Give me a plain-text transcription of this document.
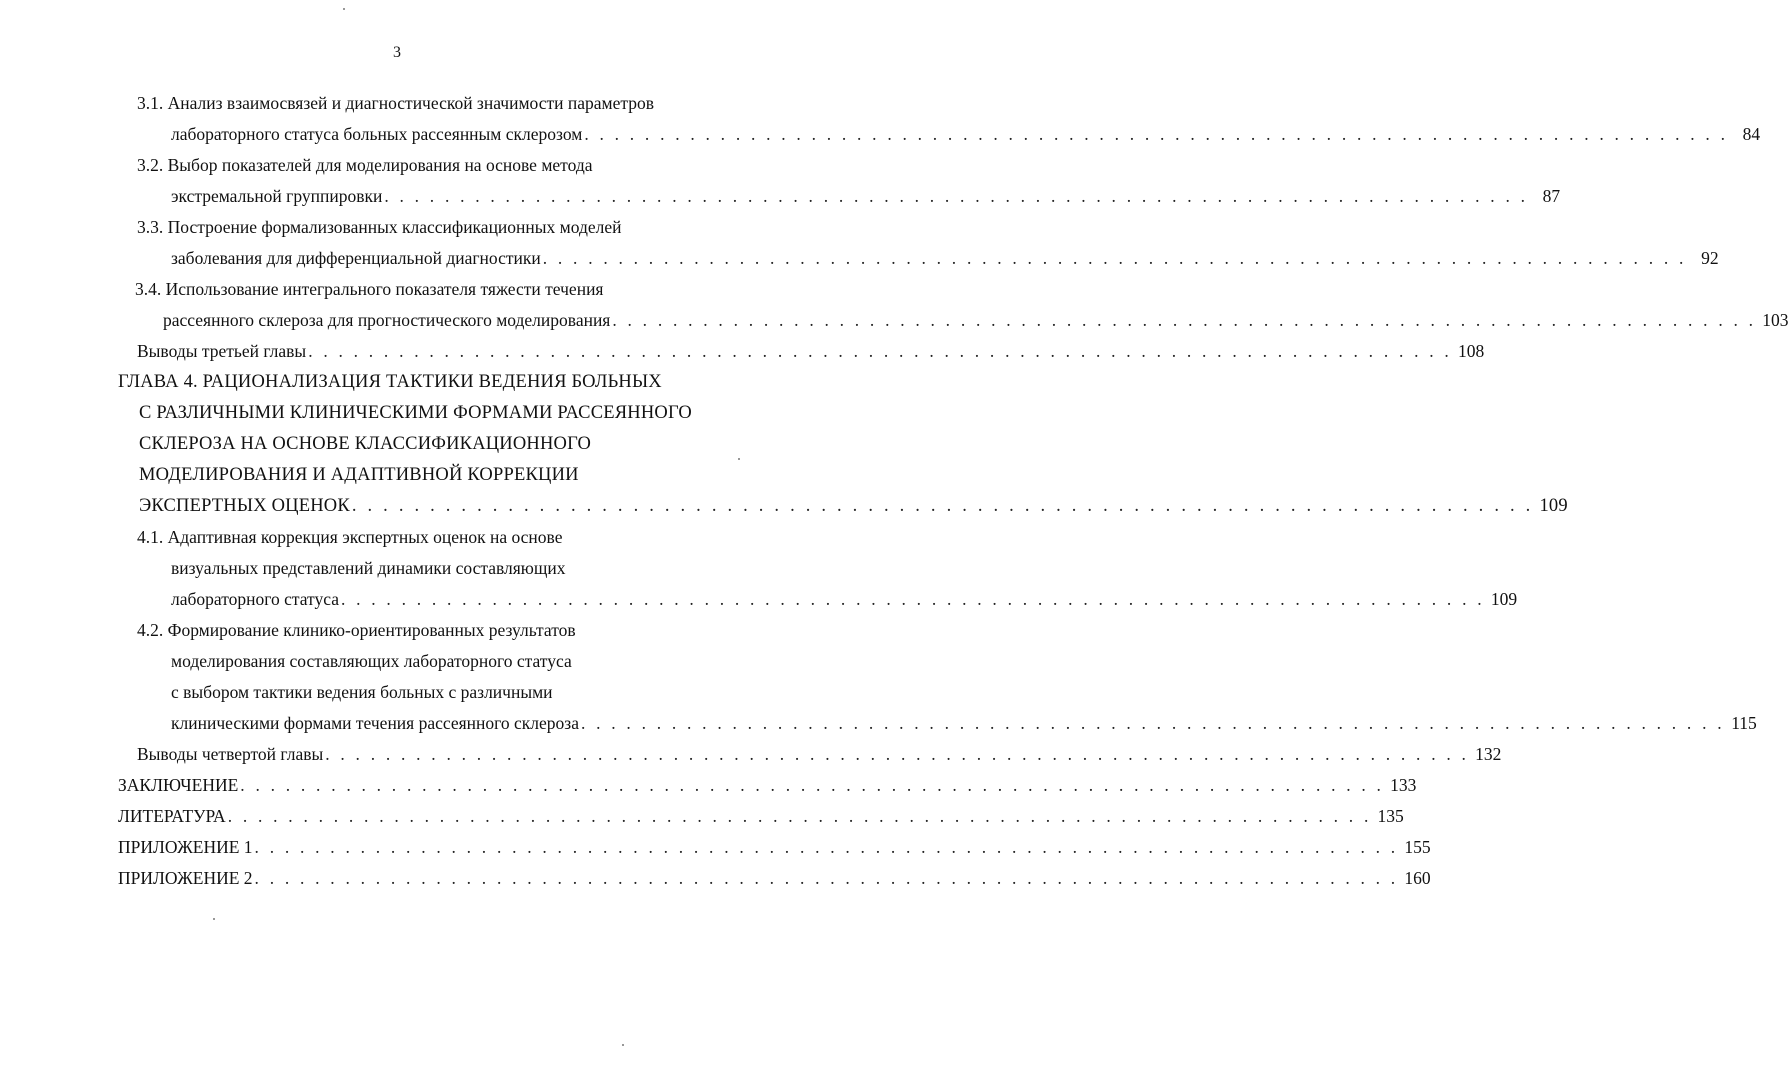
3
3.1. Анализ взаимосвязей и диагностической значимости параметров
лабораторного статуса больных рассеянным склерозом . . . . . . . . . . . . . . . . . . . . . . . . . . . . . . . . . . . . . . . . . . . . . . . . . . . . . . . . . . . . . . . . . . . . . . . . . . . . 84
3.2. Выбор показателей для моделирования на основе метода
экстремальной группировки . . . . . . . . . . . . . . . . . . . . . . . . . . . . . . . . . . . . . . . . . . . . . . . . . . . . . . . . . . . . . . . . . . . . . . . . . . . . 87
3.3. Построение формализованных классификационных моделей
заболевания для дифференциальной диагностики . . . . . . . . . . . . . . . . . . . . . . . . . . . . . . . . . . . . . . . . . . . . . . . . . . . . . . . . . . . . . . . . . . . . . . . . . . . . 92
3.4. Использование интегрального показателя тяжести течения
рассеянного склероза для прогностического моделирования . . . . . . . . . . . . . . . . . . . . . . . . . . . . . . . . . . . . . . . . . . . . . . . . . . . . . . . . . . . . . . . . . . . . . . . . . . . . 103
Выводы третьей главы . . . . . . . . . . . . . . . . . . . . . . . . . . . . . . . . . . . . . . . . . . . . . . . . . . . . . . . . . . . . . . . . . . . . . . . . . . . . 108
ГЛАВА 4. РАЦИОНАЛИЗАЦИЯ ТАКТИКИ ВЕДЕНИЯ БОЛЬНЫХ
С РАЗЛИЧНЫМИ КЛИНИЧЕСКИМИ ФОРМАМИ РАССЕЯННОГО
СКЛЕРОЗА НА ОСНОВЕ КЛАССИФИКАЦИОННОГО
МОДЕЛИРОВАНИЯ И АДАПТИВНОЙ КОРРЕКЦИИ
ЭКСПЕРТНЫХ ОЦЕНОК . . . . . . . . . . . . . . . . . . . . . . . . . . . . . . . . . . . . . . . . . . . . . . . . . . . . . . . . . . . . . . . . . . . . . . . . . . . . 109
4.1. Адаптивная коррекция экспертных оценок на основе
визуальных представлений динамики составляющих
лабораторного статуса . . . . . . . . . . . . . . . . . . . . . . . . . . . . . . . . . . . . . . . . . . . . . . . . . . . . . . . . . . . . . . . . . . . . . . . . . . . . 109
4.2. Формирование клинико-ориентированных результатов
моделирования составляющих лабораторного статуса
с выбором тактики ведения больных с различными
клиническими формами течения рассеянного склероза . . . . . . . . . . . . . . . . . . . . . . . . . . . . . . . . . . . . . . . . . . . . . . . . . . . . . . . . . . . . . . . . . . . . . . . . . . . . 115
Выводы четвертой главы . . . . . . . . . . . . . . . . . . . . . . . . . . . . . . . . . . . . . . . . . . . . . . . . . . . . . . . . . . . . . . . . . . . . . . . . . . . . 132
ЗАКЛЮЧЕНИЕ . . . . . . . . . . . . . . . . . . . . . . . . . . . . . . . . . . . . . . . . . . . . . . . . . . . . . . . . . . . . . . . . . . . . . . . . . . . . 133
ЛИТЕРАТУРА . . . . . . . . . . . . . . . . . . . . . . . . . . . . . . . . . . . . . . . . . . . . . . . . . . . . . . . . . . . . . . . . . . . . . . . . . . . . 135
ПРИЛОЖЕНИЕ 1 . . . . . . . . . . . . . . . . . . . . . . . . . . . . . . . . . . . . . . . . . . . . . . . . . . . . . . . . . . . . . . . . . . . . . . . . . . . . 155
ПРИЛОЖЕНИЕ 2 . . . . . . . . . . . . . . . . . . . . . . . . . . . . . . . . . . . . . . . . . . . . . . . . . . . . . . . . . . . . . . . . . . . . . . . . . . . . 160
